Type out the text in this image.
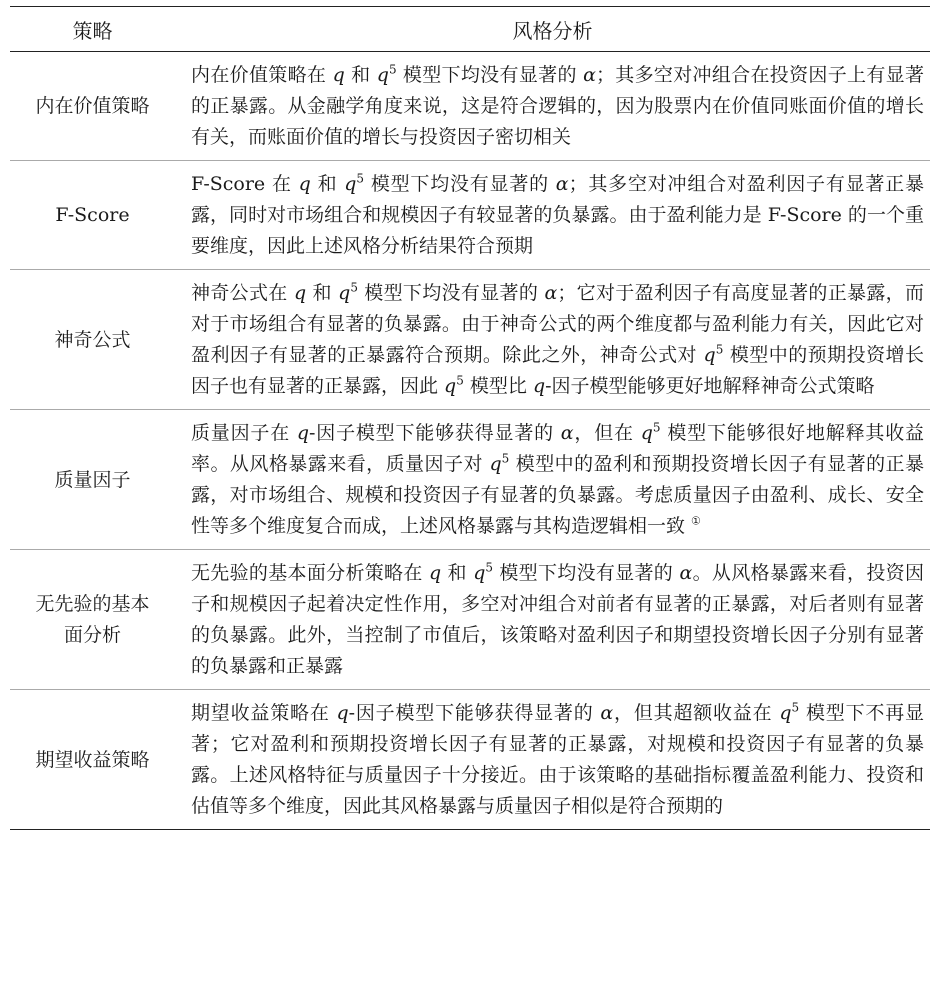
策略	风格分析
内在价值策略	内在价值策略在 q 和 $q^5$ 模型下均没有显著的 α；其多空对冲组合在投资因子上有显著的正暴露。从金融学角度来说，这是符合逻辑的，因为股票内在价值同账面价值的增长有关，而账面价值的增长与投资因子密切相关
F-Score	F-Score 在 q 和 $q^5$ 模型下均没有显著的 α；其多空对冲组合对盈利因子有显著正暴露，同时对市场组合和规模因子有较显著的负暴露。由于盈利能力是 F-Score 的一个重要维度，因此上述风格分析结果符合预期
神奇公式	神奇公式在 q 和 $q^5$ 模型下均没有显著的 α；它对于盈利因子有高度显著的正暴露，而对于市场组合有显著的负暴露。由于神奇公式的两个维度都与盈利能力有关，因此它对盈利因子有显著的正暴露符合预期。除此之外，神奇公式对 $q^5$ 模型中的预期投资增长因子也有显著的正暴露，因此 $q^5$ 模型比 q-因子模型能够更好地解释神奇公式策略
质量因子	质量因子在 q-因子模型下能够获得显著的 α，但在 $q^5$ 模型下能够很好地解释其收益率。从风格暴露来看，质量因子对 $q^5$ 模型中的盈利和预期投资增长因子有显著的正暴露，对市场组合、规模和投资因子有显著的负暴露。考虑质量因子由盈利、成长、安全性等多个维度复合而成，上述风格暴露与其构造逻辑相一致 ①

无先验的基本面分析	无先验的基本面分析策略在 q 和 $q^5$ 模型下均没有显著的 α。从风格暴露来看，投资因子和规模因子起着决定性作用，多空对冲组合对前者有显著的正暴露，对后者则有显著的负暴露。此外，当控制了市值后，该策略对盈利因子和期望投资增长因子分别有显著的负暴露和正暴露
期望收益策略	期望收益策略在 q-因子模型下能够获得显著的 α，但其超额收益在 $q^5$ 模型下不再显著；它对盈利和预期投资增长因子有显著的正暴露，对规模和投资因子有显著的负暴露。上述风格特征与质量因子十分接近。由于该策略的基础指标覆盖盈利能力、投资和估值等多个维度，因此其风格暴露与质量因子相似是符合预期的
